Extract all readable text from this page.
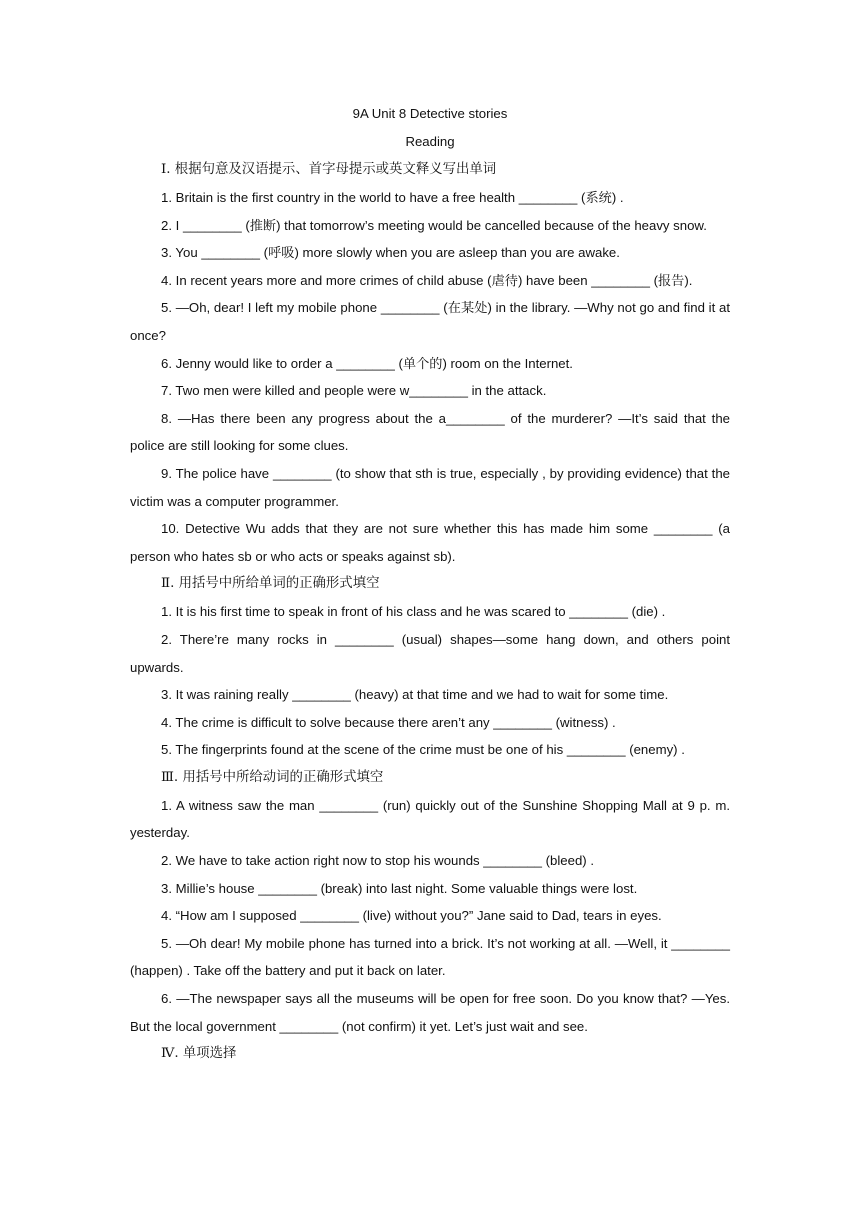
9A Unit 8 Detective stories

Reading

Ⅰ. 根据句意及汉语提示、首字母提示或英文释义写出单词

1. Britain is the first country in the world to have a free health ________ (系统) .

2. I ________ (推断) that tomorrow’s meeting would be cancelled because of the heavy snow.

3. You ________ (呼吸) more slowly when you are asleep than you are awake.

4. In recent years more and more crimes of child abuse (虐待) have been ________ (报告).

5. —Oh, dear! I left my mobile phone ________ (在某处) in the library. —Why not go and find it at once?

6. Jenny would like to order a ________ (单个的) room on the Internet.

7. Two men were killed and people were w________ in the attack.

8. —Has there been any progress about the a________ of the murderer? —It’s said that the police are still looking for some clues.

9. The police have ________ (to show that sth is true, especially , by providing evidence) that the victim was a computer programmer.

10. Detective Wu adds that they are not sure whether this has made him some ________ (a person who hates sb or who acts or speaks against sb).

Ⅱ. 用括号中所给单词的正确形式填空

1. It is his first time to speak in front of his class and he was scared to ________ (die) .

2. There’re many rocks in ________ (usual) shapes—some hang down, and others point upwards.

3. It was raining really ________ (heavy) at that time and we had to wait for some time.

4. The crime is difficult to solve because there aren’t any ________ (witness) .

5. The fingerprints found at the scene of the crime must be one of his ________ (enemy) .

Ⅲ. 用括号中所给动词的正确形式填空

1. A witness saw the man ________ (run) quickly out of the Sunshine Shopping Mall at 9 p. m. yesterday.

2. We have to take action right now to stop his wounds ________ (bleed) .

3. Millie’s house ________ (break) into last night. Some valuable things were lost.

4. “How am I supposed ________ (live) without you?” Jane said to Dad, tears in eyes.

5. —Oh dear! My mobile phone has turned into a brick. It’s not working at all. —Well, it ________ (happen) . Take off the battery and put it back on later.

6. —The newspaper says all the museums will be open for free soon. Do you know that? —Yes. But the local government ________ (not confirm) it yet. Let’s just wait and see.

Ⅳ. 单项选择
